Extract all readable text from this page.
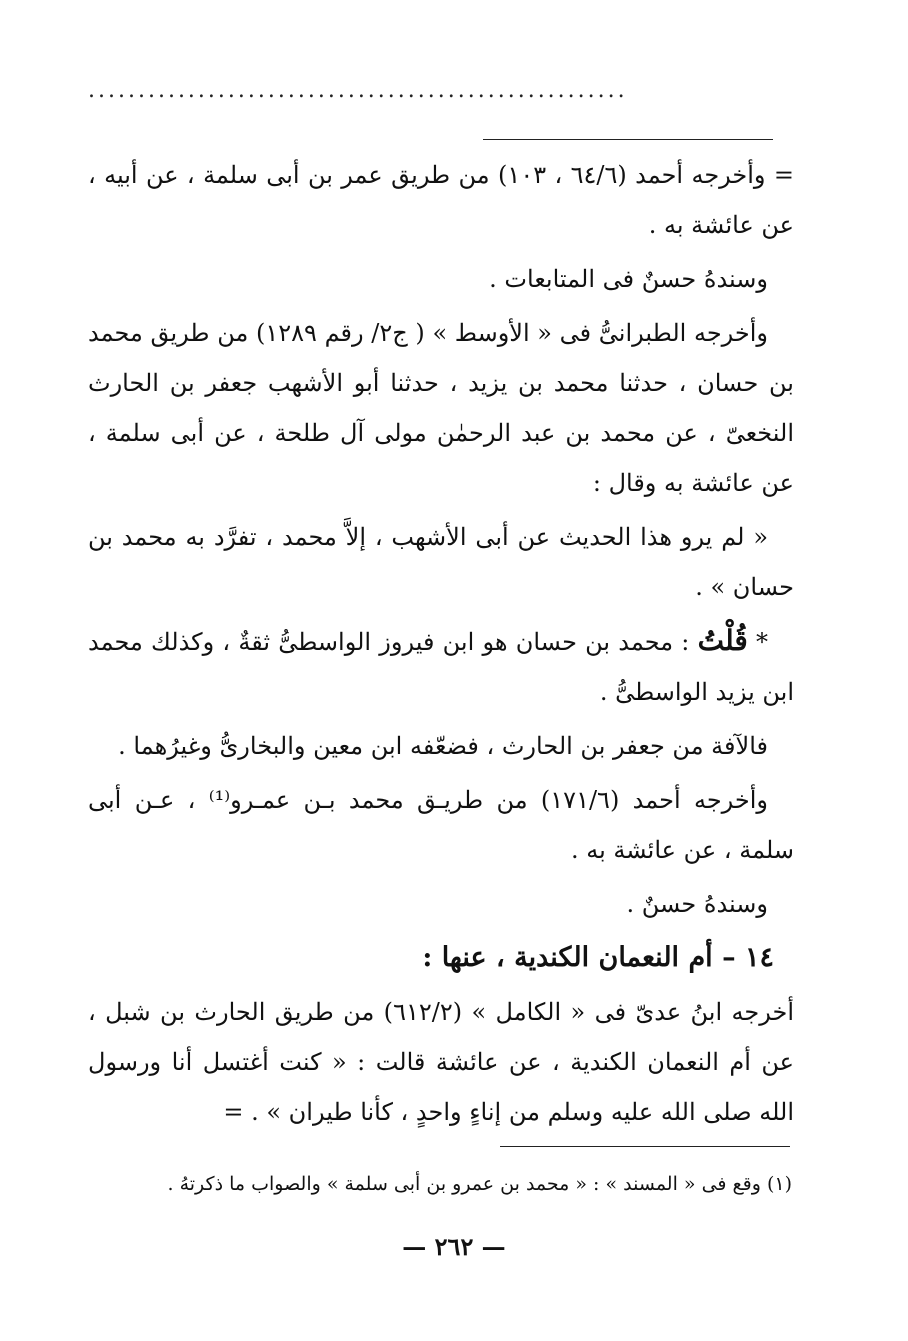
......................................................

= وأخرجه أحمد (٦٤/٦ ، ١٠٣) من طريق عمر بن أبى سلمة ، عن أبيه ، عن عائشة به .

وسندهُ حسنٌ فى المتابعات .

وأخرجه الطبرانىُّ فى « الأوسط » ( ج٢/ رقم ١٢٨٩) من طريق محمد بن حسان ، حدثنا محمد بن يزيد ، حدثنا أبو الأشهب جعفر بن الحارث النخعىّ ، عن محمد بن عبد الرحمٰن مولى آل طلحة ، عن أبى سلمة ، عن عائشة به وقال :

« لم يرو هذا الحديث عن أبى الأشهب ، إلاَّ محمد ، تفرَّد به محمد بن حسان » .

* قُلْتُ : محمد بن حسان هو ابن فيروز الواسطىُّ ثقةٌ ، وكذلك محمد ابن يزيد الواسطىُّ .

فالآفة من جعفر بن الحارث ، فضعّفه ابن معين والبخارىُّ وغيرُهما .

وأخرجه أحمد (١٧١/٦) من طريـق محمد بـن عمـرو⁽¹⁾ ، عـن أبى سلمة ، عن عائشة به .

وسندهُ حسنٌ .

١٤ – أم النعمان الكندية ، عنها :

أخرجه ابنُ عدىّ فى « الكامل » (٦١٢/٢) من طريق الحارث بن شبل ، عن أم النعمان الكندية ، عن عائشة قالت : « كنت أغتسل أنا ورسول الله صلى الله عليه وسلم من إناءٍ واحدٍ ، كأنا طيران » . =

(١) وقع فى « المسند » : « محمد بن عمرو بن أبى سلمة » والصواب ما ذكرتهُ .
— ٢٦٢ —
